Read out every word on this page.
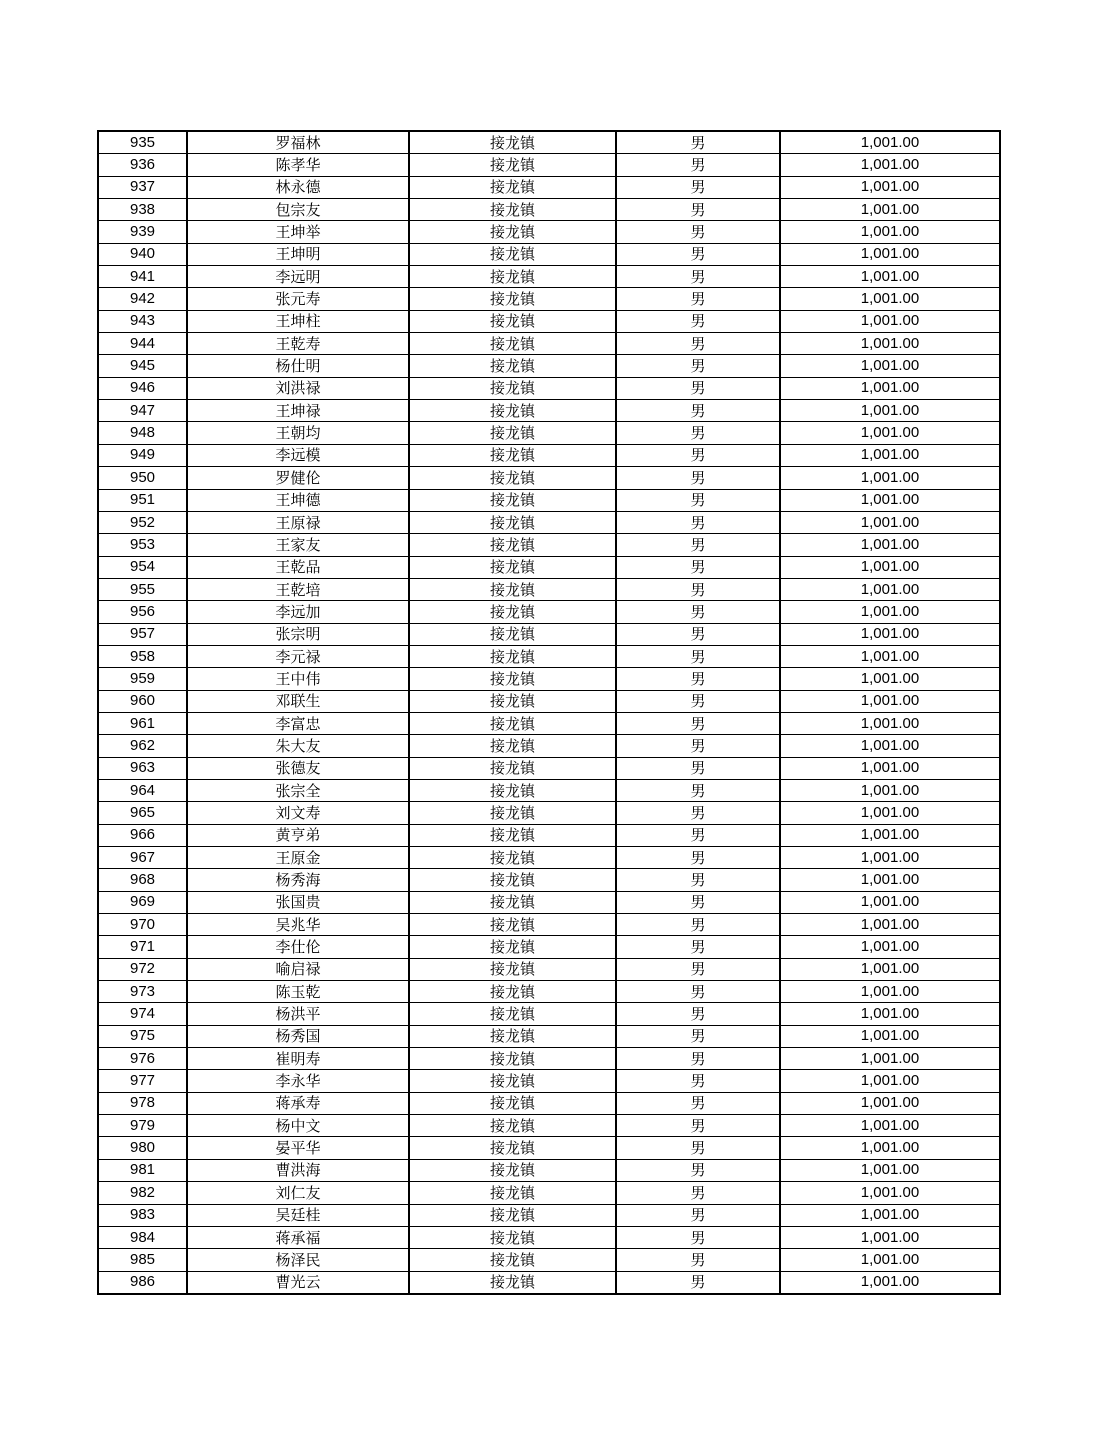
935	罗福林	接龙镇	男	1,001.00
936	陈孝华	接龙镇	男	1,001.00
937	林永德	接龙镇	男	1,001.00
938	包宗友	接龙镇	男	1,001.00
939	王坤举	接龙镇	男	1,001.00
940	王坤明	接龙镇	男	1,001.00
941	李远明	接龙镇	男	1,001.00
942	张元寿	接龙镇	男	1,001.00
943	王坤柱	接龙镇	男	1,001.00
944	王乾寿	接龙镇	男	1,001.00
945	杨仕明	接龙镇	男	1,001.00
946	刘洪禄	接龙镇	男	1,001.00
947	王坤禄	接龙镇	男	1,001.00
948	王朝均	接龙镇	男	1,001.00
949	李远模	接龙镇	男	1,001.00
950	罗健伦	接龙镇	男	1,001.00
951	王坤德	接龙镇	男	1,001.00
952	王原禄	接龙镇	男	1,001.00
953	王家友	接龙镇	男	1,001.00
954	王乾品	接龙镇	男	1,001.00
955	王乾培	接龙镇	男	1,001.00
956	李远加	接龙镇	男	1,001.00
957	张宗明	接龙镇	男	1,001.00
958	李元禄	接龙镇	男	1,001.00
959	王中伟	接龙镇	男	1,001.00
960	邓联生	接龙镇	男	1,001.00
961	李富忠	接龙镇	男	1,001.00
962	朱大友	接龙镇	男	1,001.00
963	张德友	接龙镇	男	1,001.00
964	张宗全	接龙镇	男	1,001.00
965	刘文寿	接龙镇	男	1,001.00
966	黄亨弟	接龙镇	男	1,001.00
967	王原金	接龙镇	男	1,001.00
968	杨秀海	接龙镇	男	1,001.00
969	张国贵	接龙镇	男	1,001.00
970	吴兆华	接龙镇	男	1,001.00
971	李仕伦	接龙镇	男	1,001.00
972	喻启禄	接龙镇	男	1,001.00
973	陈玉乾	接龙镇	男	1,001.00
974	杨洪平	接龙镇	男	1,001.00
975	杨秀国	接龙镇	男	1,001.00
976	崔明寿	接龙镇	男	1,001.00
977	李永华	接龙镇	男	1,001.00
978	蒋承寿	接龙镇	男	1,001.00
979	杨中文	接龙镇	男	1,001.00
980	晏平华	接龙镇	男	1,001.00
981	曹洪海	接龙镇	男	1,001.00
982	刘仁友	接龙镇	男	1,001.00
983	吴廷桂	接龙镇	男	1,001.00
984	蒋承福	接龙镇	男	1,001.00
985	杨泽民	接龙镇	男	1,001.00
986	曹光云	接龙镇	男	1,001.00
